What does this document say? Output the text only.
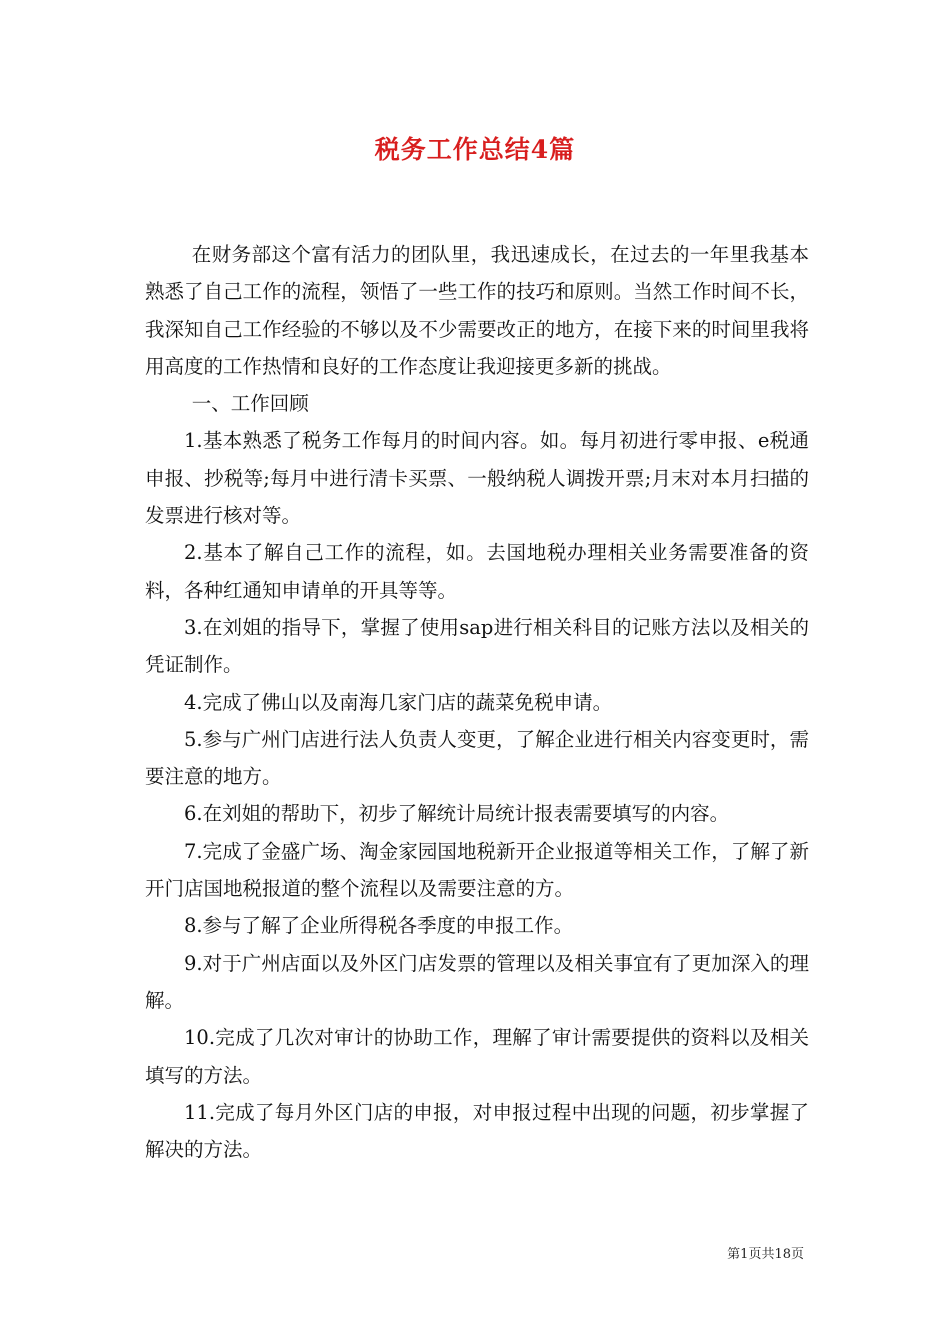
税务工作总结4篇

在财务部这个富有活力的团队里，我迅速成长，在过去的一年里我基本熟悉了自己工作的流程，领悟了一些工作的技巧和原则。当然工作时间不长，我深知自己工作经验的不够以及不少需要改正的地方，在接下来的时间里我将用高度的工作热情和良好的工作态度让我迎接更多新的挑战。

一、工作回顾

1.基本熟悉了税务工作每月的时间内容。如。每月初进行零申报、e税通申报、抄税等;每月中进行清卡买票、一般纳税人调拨开票;月末对本月扫描的发票进行核对等。

2.基本了解自己工作的流程，如。去国地税办理相关业务需要准备的资料，各种红通知申请单的开具等等。

3.在刘姐的指导下，掌握了使用sap进行相关科目的记账方法以及相关的凭证制作。

4.完成了佛山以及南海几家门店的蔬菜免税申请。

5.参与广州门店进行法人负责人变更，了解企业进行相关内容变更时，需要注意的地方。

6.在刘姐的帮助下，初步了解统计局统计报表需要填写的内容。

7.完成了金盛广场、淘金家园国地税新开企业报道等相关工作，了解了新开门店国地税报道的整个流程以及需要注意的方。

8.参与了解了企业所得税各季度的申报工作。

9.对于广州店面以及外区门店发票的管理以及相关事宜有了更加深入的理解。

10.完成了几次对审计的协助工作，理解了审计需要提供的资料以及相关填写的方法。

11.完成了每月外区门店的申报，对申报过程中出现的问题，初步掌握了解决的方法。

第1页共18页
